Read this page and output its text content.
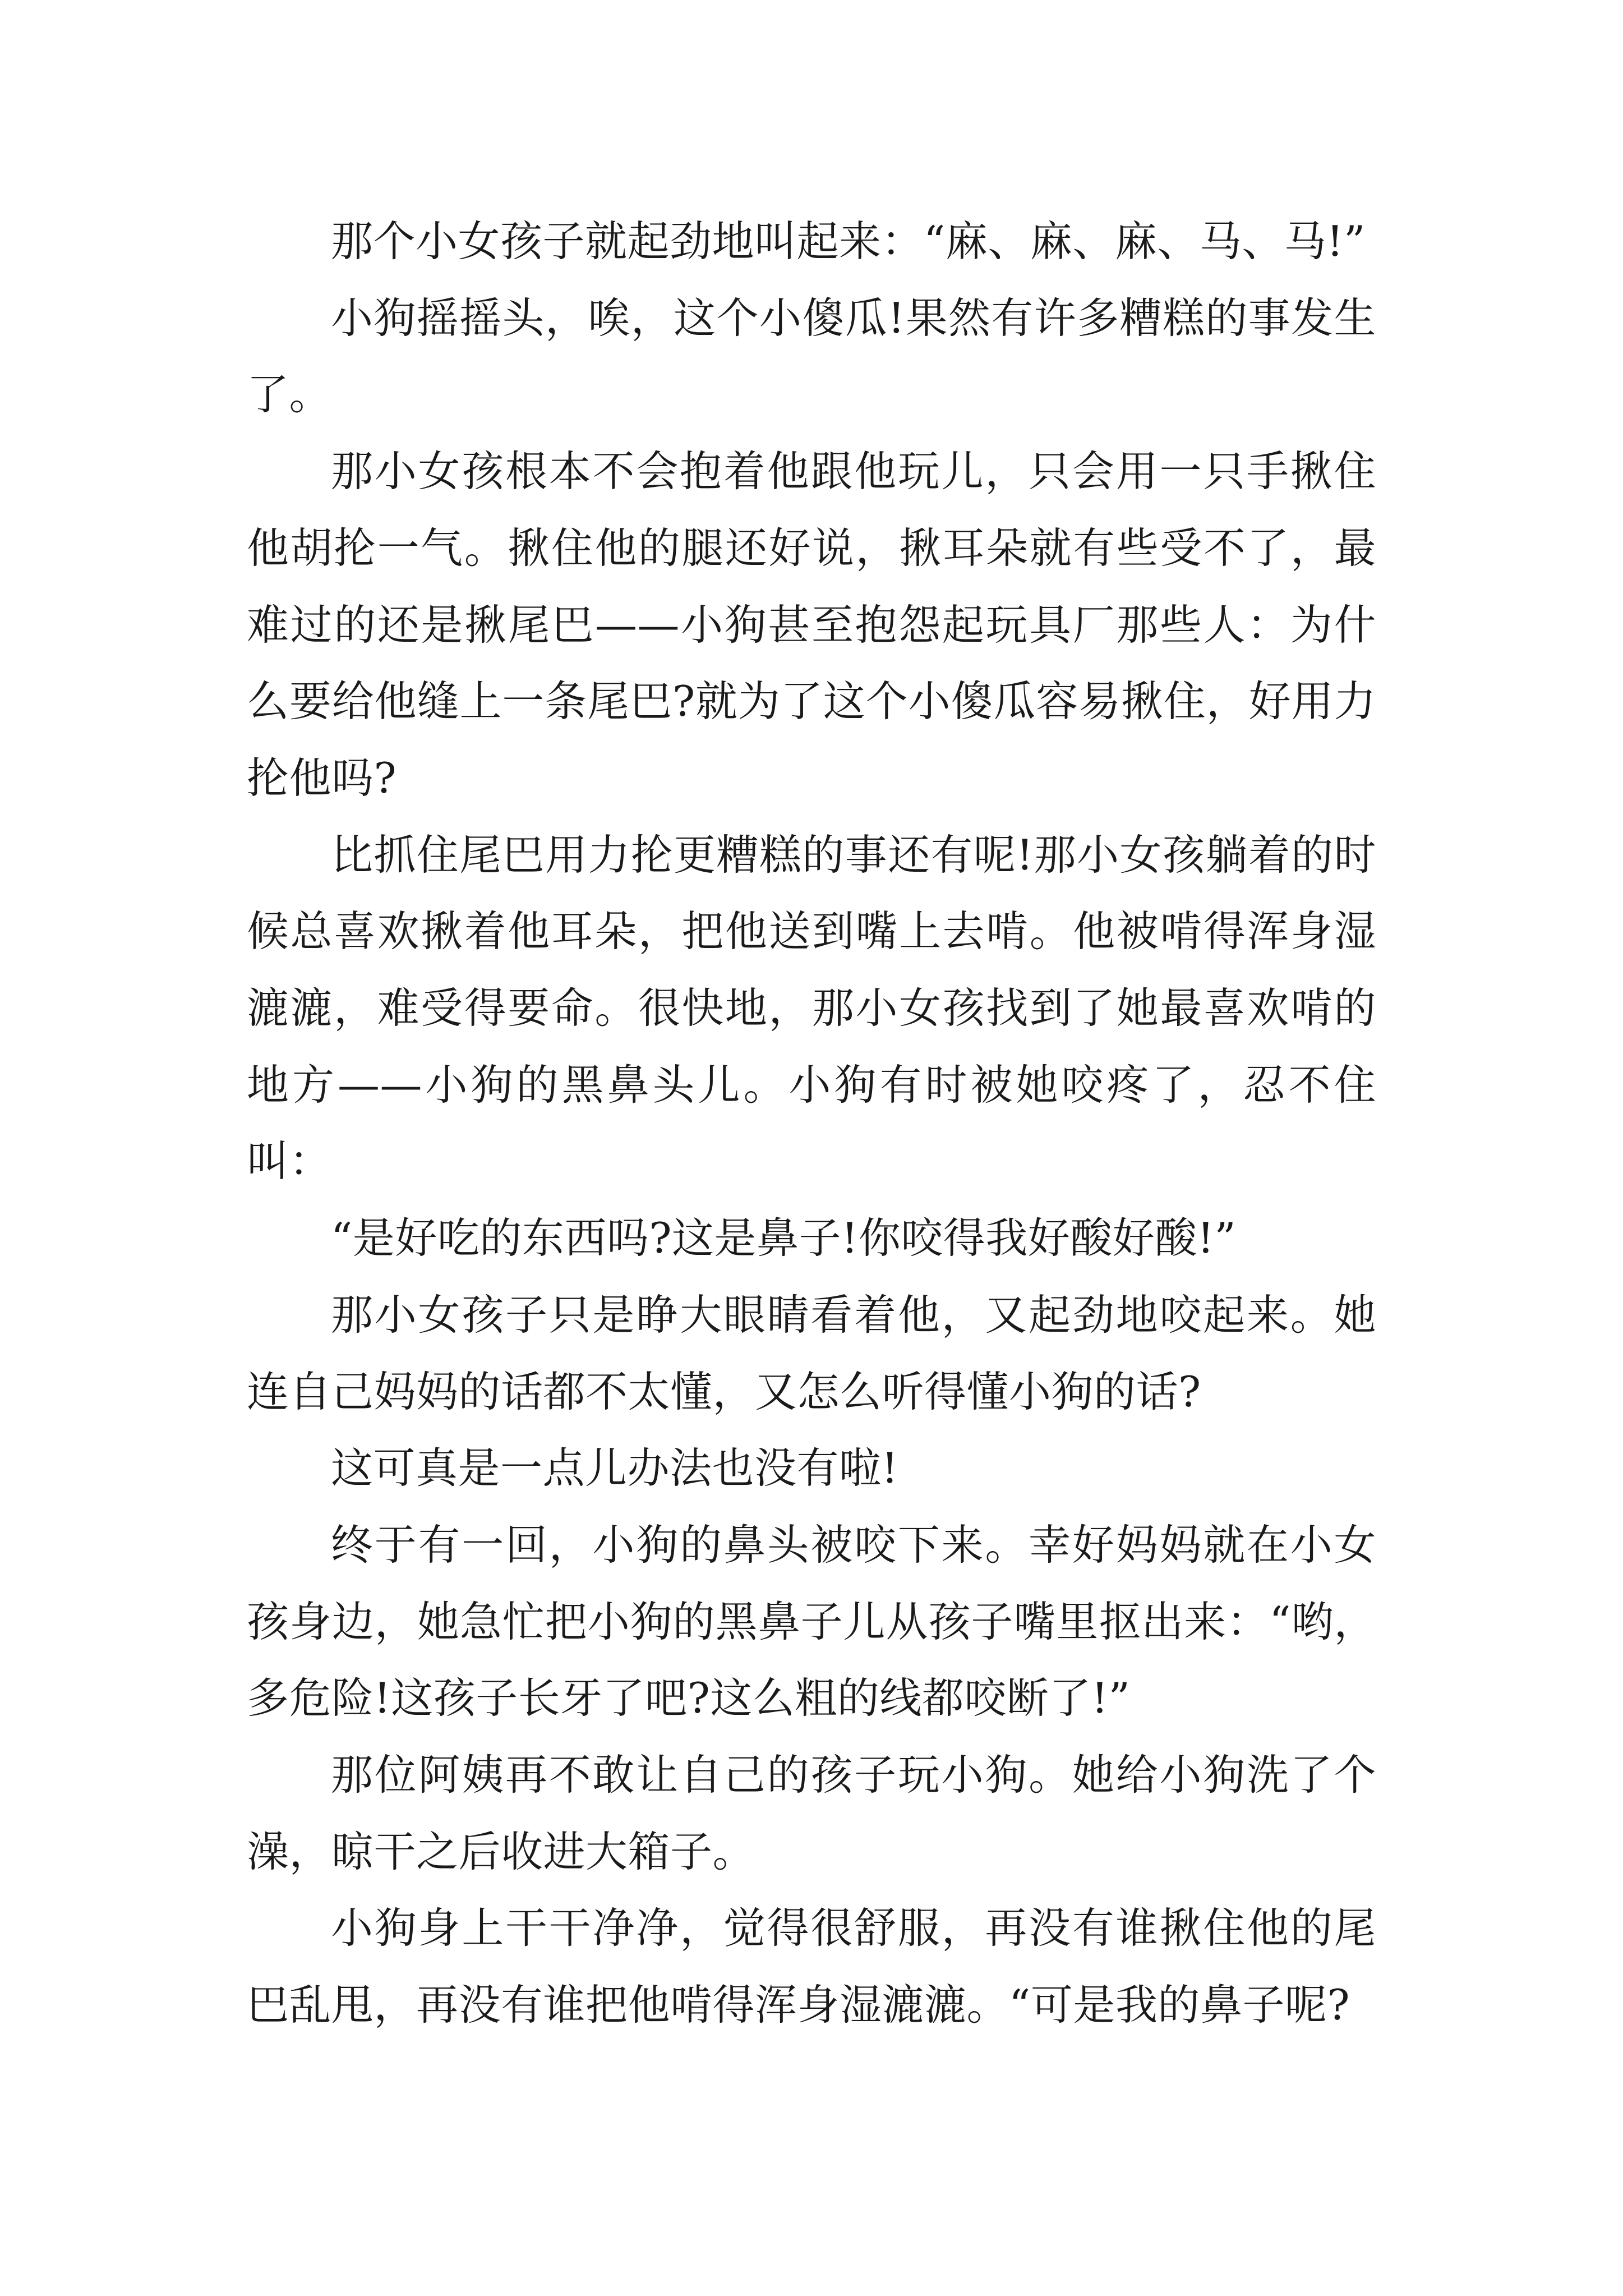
那个小女孩子就起劲地叫起来：“麻、麻、麻、马、马!”

小狗摇摇头，唉，这个小傻瓜!果然有许多糟糕的事发生了。

那小女孩根本不会抱着他跟他玩儿，只会用一只手揪住他胡抡一气。揪住他的腿还好说，揪耳朵就有些受不了，最难过的还是揪尾巴——小狗甚至抱怨起玩具厂那些人：为什么要给他缝上一条尾巴?就为了这个小傻瓜容易揪住，好用力抡他吗?

比抓住尾巴用力抡更糟糕的事还有呢!那小女孩躺着的时候总喜欢揪着他耳朵，把他送到嘴上去啃。他被啃得浑身湿漉漉，难受得要命。很快地，那小女孩找到了她最喜欢啃的地方——小狗的黑鼻头儿。小狗有时被她咬疼了，忍不住叫：

“是好吃的东西吗?这是鼻子!你咬得我好酸好酸!”

那小女孩子只是睁大眼睛看着他，又起劲地咬起来。她连自己妈妈的话都不太懂，又怎么听得懂小狗的话?

这可真是一点儿办法也没有啦!

终于有一回，小狗的鼻头被咬下来。幸好妈妈就在小女孩身边，她急忙把小狗的黑鼻子儿从孩子嘴里抠出来：“哟，多危险!这孩子长牙了吧?这么粗的线都咬断了!”

那位阿姨再不敢让自己的孩子玩小狗。她给小狗洗了个澡，晾干之后收进大箱子。

小狗身上干干净净，觉得很舒服，再没有谁揪住他的尾巴乱甩，再没有谁把他啃得浑身湿漉漉。“可是我的鼻子呢?
